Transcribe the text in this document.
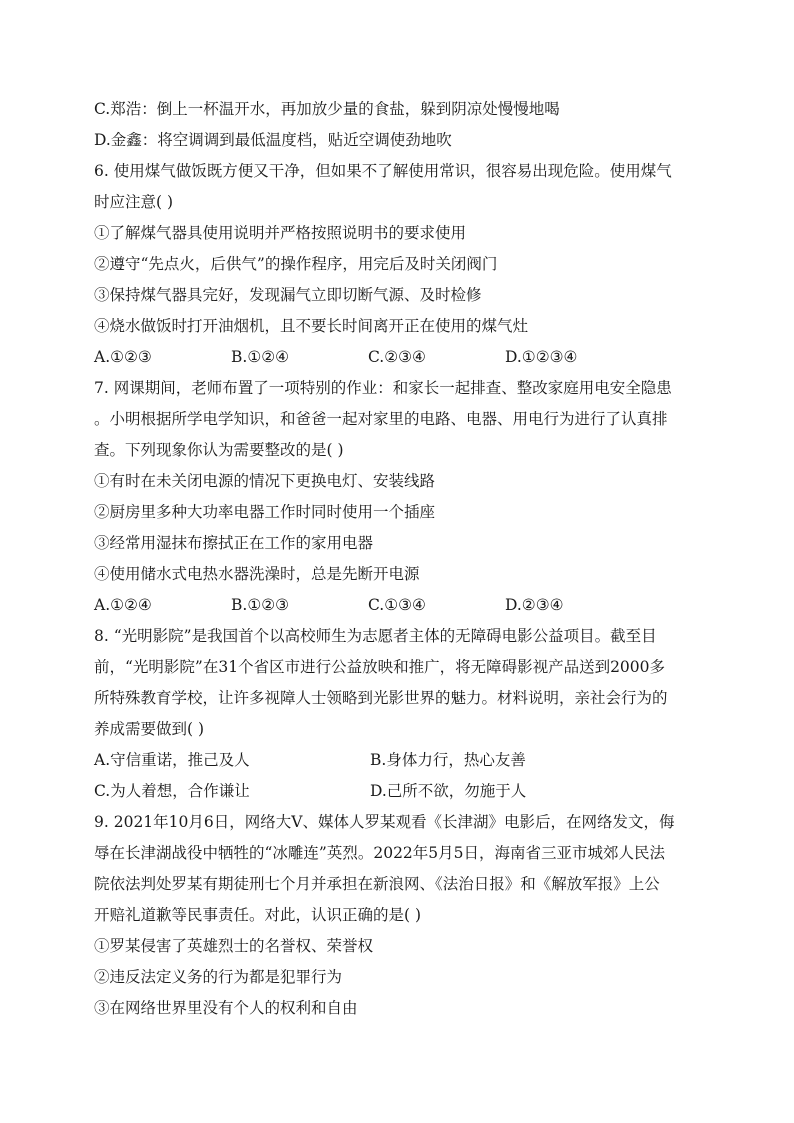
C.郑浩：倒上一杯温开水，再加放少量的食盐，躲到阴凉处慢慢地喝
D.金鑫：将空调调到最低温度档，贴近空调使劲地吹
6. 使用煤气做饭既方便又干净，但如果不了解使用常识，很容易出现危险。使用煤气
时应注意( )
①了解煤气器具使用说明并严格按照说明书的要求使用
②遵守“先点火，后供气”的操作程序，用完后及时关闭阀门
③保持煤气器具完好，发现漏气立即切断气源、及时检修
④烧水做饭时打开油烟机，且不要长时间离开正在使用的煤气灶
A.①②③	B.①②④	C.②③④	D.①②③④
7. 网课期间，老师布置了一项特别的作业：和家长一起排查、整改家庭用电安全隐患
。小明根据所学电学知识，和爸爸一起对家里的电路、电器、用电行为进行了认真排
查。下列现象你认为需要整改的是( )
①有时在未关闭电源的情况下更换电灯、安装线路
②厨房里多种大功率电器工作时同时使用一个插座
③经常用湿抹布擦拭正在工作的家用电器
④使用储水式电热水器洗澡时，总是先断开电源
A.①②④	B.①②③	C.①③④	D.②③④
8. “光明影院”是我国首个以高校师生为志愿者主体的无障碍电影公益项目。截至目
前，“光明影院”在31个省区市进行公益放映和推广，将无障碍影视产品送到2000多
所特殊教育学校，让许多视障人士领略到光影世界的魅力。材料说明，亲社会行为的
养成需要做到( )
A.守信重诺，推己及人	B.身体力行，热心友善
C.为人着想，合作谦让	D.己所不欲，勿施于人
9. 2021年10月6日，网络大V、媒体人罗某观看《长津湖》电影后，在网络发文，侮
辱在长津湖战役中牺牲的“冰雕连”英烈。2022年5月5日，海南省三亚市城郊人民法
院依法判处罗某有期徒刑七个月并承担在新浪网、《法治日报》和《解放军报》上公
开赔礼道歉等民事责任。对此，认识正确的是( )
①罗某侵害了英雄烈士的名誉权、荣誉权
②违反法定义务的行为都是犯罪行为
③在网络世界里没有个人的权利和自由
